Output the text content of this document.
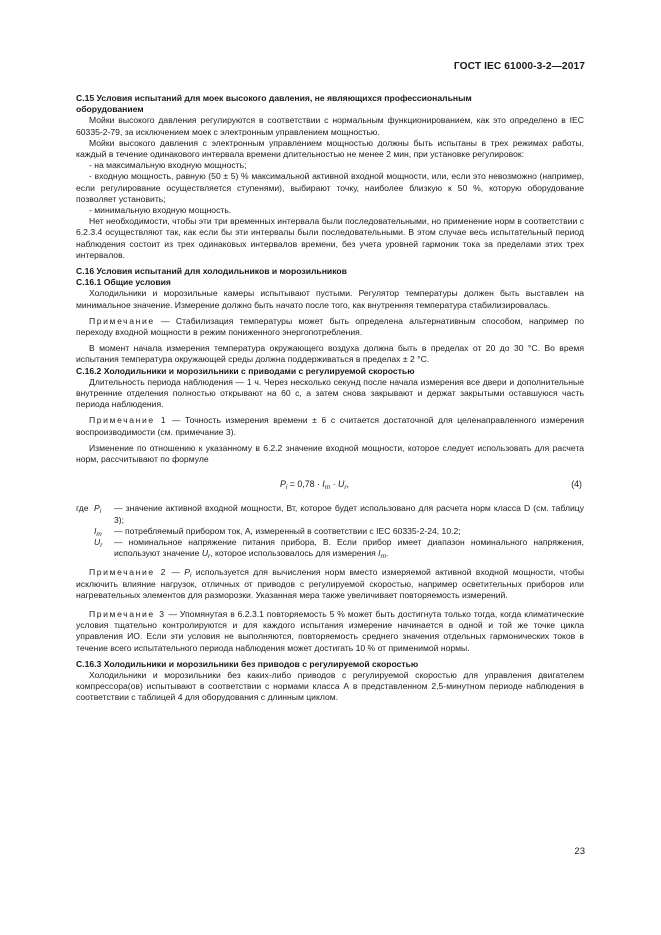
ГОСТ IEC 61000-3-2—2017

С.15 Условия испытаний для моек высокого давления, не являющихся профессиональным

оборудованием

Мойки высокого давления регулируются в соответствии с нормальным функционированием, как это определено в IEC 60335-2-79, за исключением моек с электронным управлением мощностью.

Мойки высокого давления с электронным управлением мощностью должны быть испытаны в трех режимах работы, каждый в течение одинакового интервала времени длительностью не менее 2 мин, при установке регулировок:

- на максимальную входную мощность;

- входную мощность, равную (50 ± 5) % максимальной активной входной мощности, или, если это невозможно (например, если регулирование осуществляется ступенями), выбирают точку, наиболее близкую к 50 %, которую оборудование позволяет установить;

- минимальную входную мощность.

Нет необходимости, чтобы эти три временных интервала были последовательными, но применение норм в соответствии с 6.2.3.4 осуществляют так, как если бы эти интервалы были последовательными. В этом случае весь испытательный период наблюдения состоит из трех одинаковых интервалов времени, без учета уровней гармоник тока за пределами этих трех интервалов.

С.16 Условия испытаний для холодильников и морозильников

С.16.1 Общие условия

Холодильники и морозильные камеры испытывают пустыми. Регулятор температуры должен быть выставлен на минимальное значение. Измерение должно быть начато после того, как внутренняя температура стабилизировалась.

Примечание — Стабилизация температуры может быть определена альтернативным способом, например по переходу входной мощности в режим пониженного энергопотребления.

В момент начала измерения температура окружающего воздуха должна быть в пределах от 20 до 30 °С. Во время испытания температура окружающей среды должна поддерживаться в пределах ± 2 °С.

С.16.2 Холодильники и морозильники с приводами с регулируемой скоростью

Длительность периода наблюдения — 1 ч. Через несколько секунд после начала измерения все двери и дополнительные внутренние отделения полностью открывают на 60 с, а затем снова закрывают и держат закрытыми оставшуюся часть периода наблюдения.

Примечание 1 — Точность измерения времени ± 6 с считается достаточной для целенаправленного измерения воспроизводимости (см. примечание 3).

Изменение по отношению к указанному в 6.2.2 значение входной мощности, которое следует использовать для расчета норм, рассчитывают по формуле

$P_i = 0,78 \cdot I_m \cdot U_r$,	(4)
где	$P_i$	— значение активной входной мощности, Вт, которое будет использовано для расчета норм класса D (см. таблицу 3);
	$I_m$	— потребляемый прибором ток, А, измеренный в соответствии с IEC 60335-2-24, 10.2;
	$U_r$	— номинальное напряжение питания прибора, В. Если прибор имеет диапазон номинального напряжения, используют значение $U_r$, которое использовалось для измерения $I_m$.

Примечание 2 — $P_i$ используется для вычисления норм вместо измеряемой активной входной мощности, чтобы исключить влияние нагрузок, отличных от приводов с регулируемой скоростью, например осветительных приборов или нагревательных элементов для разморозки. Указанная мера также увеличивает повторяемость измерений.

Примечание 3 — Упомянутая в 6.2.3.1 повторяемость 5 % может быть достигнута только тогда, когда климатические условия тщательно контролируются и для каждого испытания измерение начинается в одной и той же точке цикла управления ИО. Если эти условия не выполняются, повторяемость среднего значения отдельных гармонических токов в течение всего испытательного периода наблюдения может достигать 10 % от применимой нормы.

С.16.3 Холодильники и морозильники без приводов с регулируемой скоростью

Холодильники и морозильники без каких-либо приводов с регулируемой скоростью для управления двигателем компрессора(ов) испытывают в соответствии с нормами класса А в представленном 2,5-минутном периоде наблюдения в соответствии с таблицей 4 для оборудования с длинным циклом.

23
